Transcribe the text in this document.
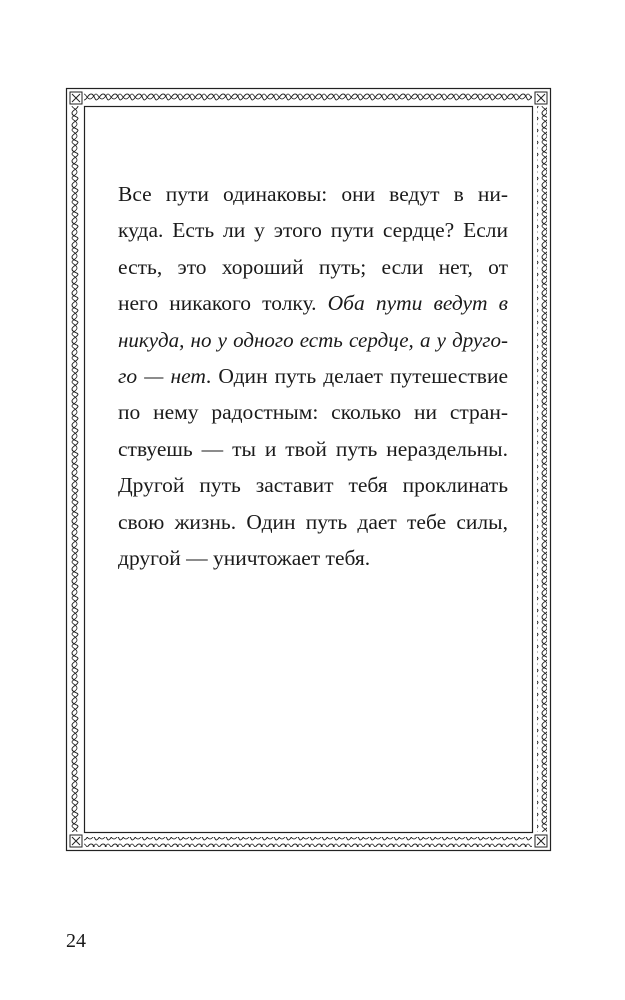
Все пути одинаковы: они ведут в ни-
куда. Есть ли у этого пути сердце? Если
есть, это хороший путь; если нет, от
него никакого толку. Оба пути ведут в
никуда, но у одного есть сердце, а у друго-
го — нет. Один путь делает путешествие
по нему радостным: сколько ни стран-
ствуешь — ты и твой путь нераздельны.
Другой путь заставит тебя проклинать
свою жизнь. Один путь дает тебе силы,
другой — уничтожает тебя.
24
